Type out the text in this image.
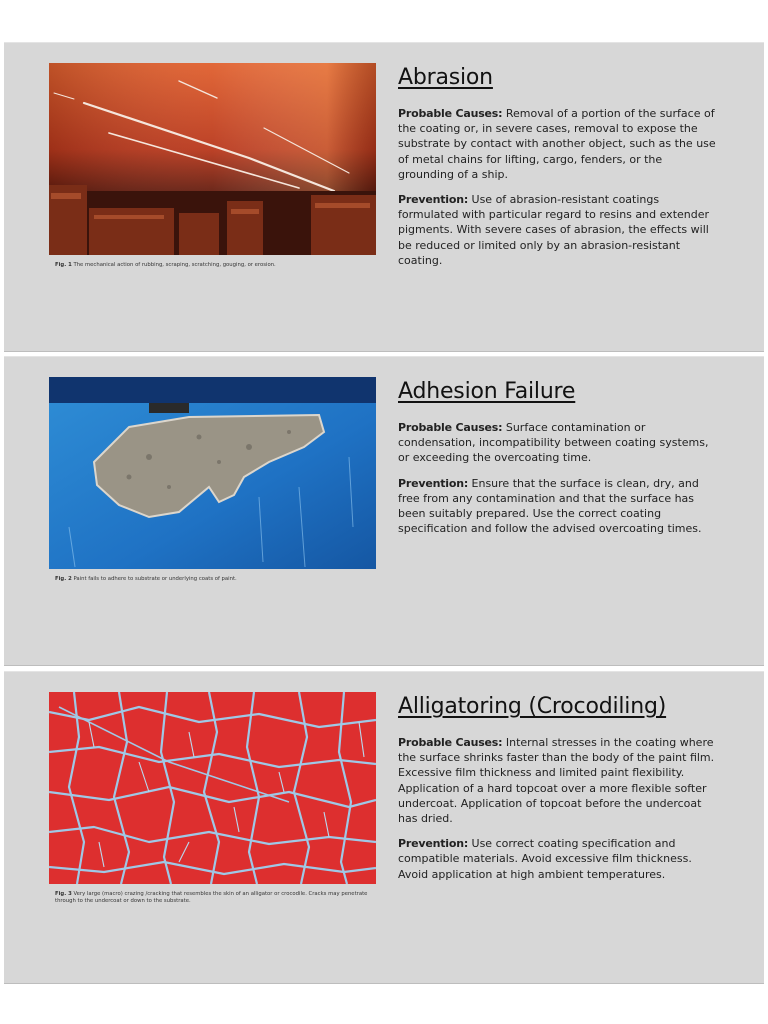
Fig. 1 The mechanical action of rubbing, scraping, scratching, gouging, or erosion.
Abrasion

Probable Causes: Removal of a portion of the surface of the coating or, in severe cases, removal to expose the substrate by contact with another object, such as the use of metal chains for lifting, cargo, fenders, or the grounding of a ship.

Prevention: Use of abrasion-resistant coatings formulated with particular regard to resins and extender pigments. With severe cases of abrasion, the effects will be reduced or limited only by an abrasion-resistant coating.

Fig. 2 Paint fails to adhere to substrate or underlying coats of paint.
Adhesion Failure

Probable Causes: Surface contamination or condensation, incompatibility between coating systems, or exceeding the overcoating time.

Prevention: Ensure that the surface is clean, dry, and free from any contamination and that the surface has been suitably prepared. Use the correct coating specification and follow the advised overcoating times.

Fig. 3 Very large (macro) crazing /cracking that resembles the skin of an alligator or crocodile. Cracks may penetrate through to the undercoat or down to the substrate.
Alligatoring (Crocodiling)

Probable Causes: Internal stresses in the coating where the surface shrinks faster than the body of the paint film. Excessive film thickness and limited paint flexibility. Application of a hard topcoat over a more flexible softer undercoat. Application of topcoat before the undercoat has dried.

Prevention: Use correct coating specification and compatible materials. Avoid excessive film thickness. Avoid application at high ambient temperatures.
